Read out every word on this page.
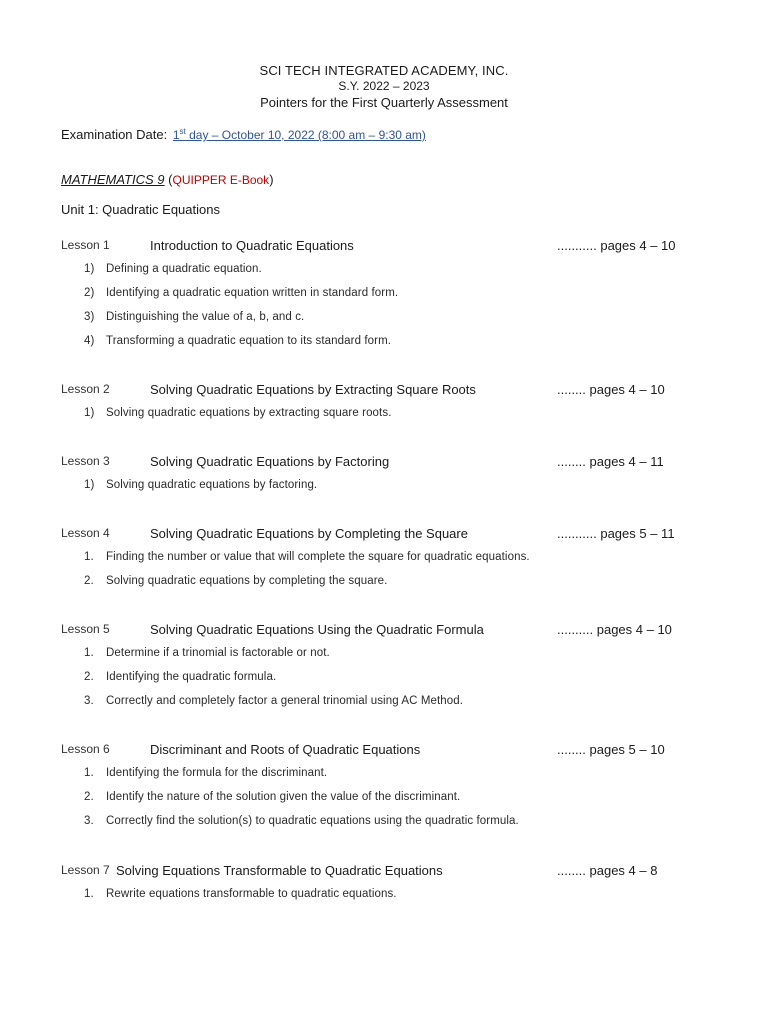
SCI TECH INTEGRATED ACADEMY, INC.
S.Y. 2022 – 2023
Pointers for the First Quarterly Assessment
Examination Date: 1st day – October 10, 2022 (8:00 am – 9:30 am)
MATHEMATICS 9 (QUIPPER E-Book)
Unit 1: Quadratic Equations
Lesson 1	Introduction to Quadratic Equations	........... pages 4 – 10
1) Defining a quadratic equation.
2) Identifying a quadratic equation written in standard form.
3) Distinguishing the value of a, b, and c.
4) Transforming a quadratic equation to its standard form.
Lesson 2	Solving Quadratic Equations by Extracting Square Roots	........ pages 4 – 10
1) Solving quadratic equations by extracting square roots.
Lesson 3	Solving Quadratic Equations by Factoring	........ pages 4 – 11
1) Solving quadratic equations by factoring.
Lesson 4	Solving Quadratic Equations by Completing the Square	........... pages 5 – 11
1. Finding the number or value that will complete the square for quadratic equations.
2. Solving quadratic equations by completing the square.
Lesson 5	Solving Quadratic Equations Using the Quadratic Formula	.......... pages 4 – 10
1. Determine if a trinomial is factorable or not.
2. Identifying the quadratic formula.
3. Correctly and completely factor a general trinomial using AC Method.
Lesson 6	Discriminant and Roots of Quadratic Equations	........ pages 5 – 10
1. Identifying the formula for the discriminant.
2. Identify the nature of the solution given the value of the discriminant.
3. Correctly find the solution(s) to quadratic equations using the quadratic formula.
Lesson 7 Solving Equations Transformable to Quadratic Equations	........ pages 4 – 8
1. Rewrite equations transformable to quadratic equations.
